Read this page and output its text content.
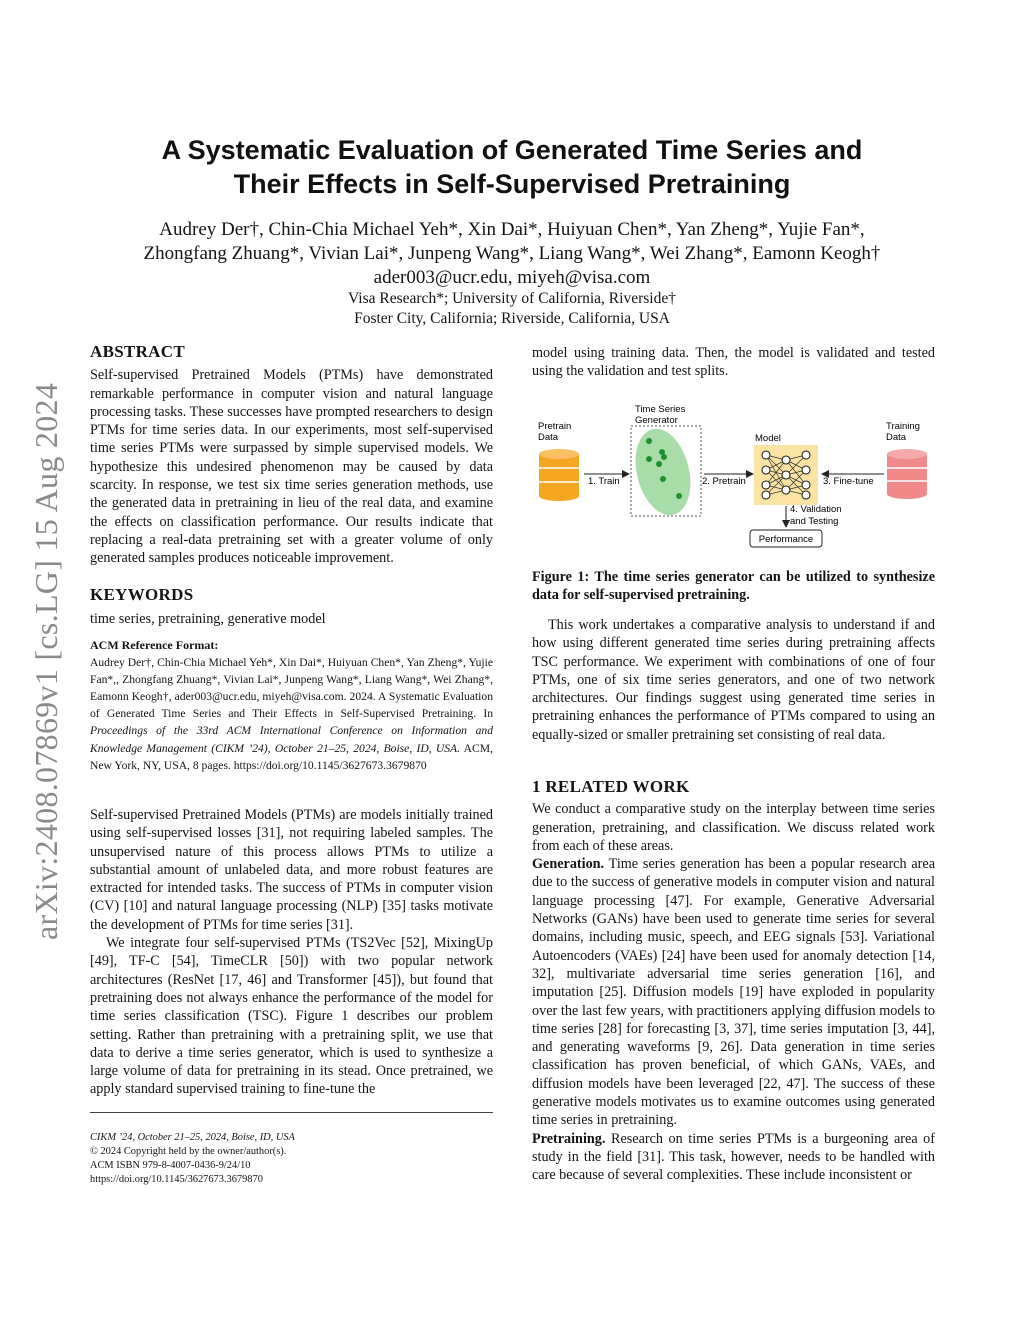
arXiv:2408.07869v1 [cs.LG] 15 Aug 2024
A Systematic Evaluation of Generated Time Series and
Their Effects in Self-Supervised Pretraining
Audrey Der†, Chin-Chia Michael Yeh*, Xin Dai*, Huiyuan Chen*, Yan Zheng*, Yujie Fan*,
Zhongfang Zhuang*, Vivian Lai*, Junpeng Wang*, Liang Wang*, Wei Zhang*, Eamonn Keogh†
ader003@ucr.edu, miyeh@visa.com
Visa Research*; University of California, Riverside†
Foster City, California; Riverside, California, USA
ABSTRACT

Self-supervised Pretrained Models (PTMs) have demonstrated remarkable performance in computer vision and natural language processing tasks. These successes have prompted researchers to design PTMs for time series data. In our experiments, most self-supervised time series PTMs were surpassed by simple supervised models. We hypothesize this undesired phenomenon may be caused by data scarcity. In response, we test six time series generation methods, use the generated data in pretraining in lieu of the real data, and examine the effects on classification performance. Our results indicate that replacing a real-data pretraining set with a greater volume of only generated samples produces noticeable improvement.

KEYWORDS

time series, pretraining, generative model

ACM Reference Format:

Audrey Der†, Chin-Chia Michael Yeh*, Xin Dai*, Huiyuan Chen*, Yan Zheng*, Yujie Fan*,, Zhongfang Zhuang*, Vivian Lai*, Junpeng Wang*, Liang Wang*, Wei Zhang*, Eamonn Keogh†, ader003@ucr.edu, miyeh@visa.com. 2024. A Systematic Evaluation of Generated Time Series and Their Effects in Self-Supervised Pretraining. In Proceedings of the 33rd ACM International Conference on Information and Knowledge Management (CIKM ’24), October 21–25, 2024, Boise, ID, USA. ACM, New York, NY, USA, 8 pages. https://doi.org/10.1145/3627673.3679870

Self-supervised Pretrained Models (PTMs) are models initially trained using self-supervised losses [31], not requiring labeled samples. The unsupervised nature of this process allows PTMs to utilize a substantial amount of unlabeled data, and more robust features are extracted for intended tasks. The success of PTMs in computer vision (CV) [10] and natural language processing (NLP) [35] tasks motivate the development of PTMs for time series [31].

We integrate four self-supervised PTMs (TS2Vec [52], MixingUp [49], TF-C [54], TimeCLR [50]) with two popular network architectures (ResNet [17, 46] and Transformer [45]), but found that pretraining does not always enhance the performance of the model for time series classification (TSC). Figure 1 describes our problem setting. Rather than pretraining with a pretraining split, we use that data to derive a time series generator, which is used to synthesize a large volume of data for pretraining in its stead. Once pretrained, we apply standard supervised training to fine-tune the

CIKM ’24, October 21–25, 2024, Boise, ID, USA
© 2024 Copyright held by the owner/author(s).
ACM ISBN 979-8-4007-0436-9/24/10
https://doi.org/10.1145/3627673.3679870

model using training data. Then, the model is validated and tested using the validation and test splits.

Pretrain
Data
1. Train
Time Series
Generator
2. Pretrain
Model
3. Fine-tune
Training
Data
4. Validation
and Testing
Performance

Figure 1: The time series generator can be utilized to synthesize data for self-supervised pretraining.

This work undertakes a comparative analysis to understand if and how using different generated time series during pretraining affects TSC performance. We experiment with combinations of one of four PTMs, one of six time series generators, and one of two network architectures. Our findings suggest using generated time series in pretraining enhances the performance of PTMs compared to using an equally-sized or smaller pretraining set consisting of real data.

1 RELATED WORK

We conduct a comparative study on the interplay between time series generation, pretraining, and classification. We discuss related work from each of these areas.

Generation. Time series generation has been a popular research area due to the success of generative models in computer vision and natural language processing [47]. For example, Generative Adversarial Networks (GANs) have been used to generate time series for several domains, including music, speech, and EEG signals [53]. Variational Autoencoders (VAEs) [24] have been used for anomaly detection [14, 32], multivariate adversarial time series generation [16], and imputation [25]. Diffusion models [19] have exploded in popularity over the last few years, with practitioners applying diffusion models to time series [28] for forecasting [3, 37], time series imputation [3, 44], and generating waveforms [9, 26]. Data generation in time series classification has proven beneficial, of which GANs, VAEs, and diffusion models have been leveraged [22, 47]. The success of these generative models motivates us to examine outcomes using generated time series in pretraining.

Pretraining. Research on time series PTMs is a burgeoning area of study in the field [31]. This task, however, needs to be handled with care because of several complexities. These include inconsistent or
